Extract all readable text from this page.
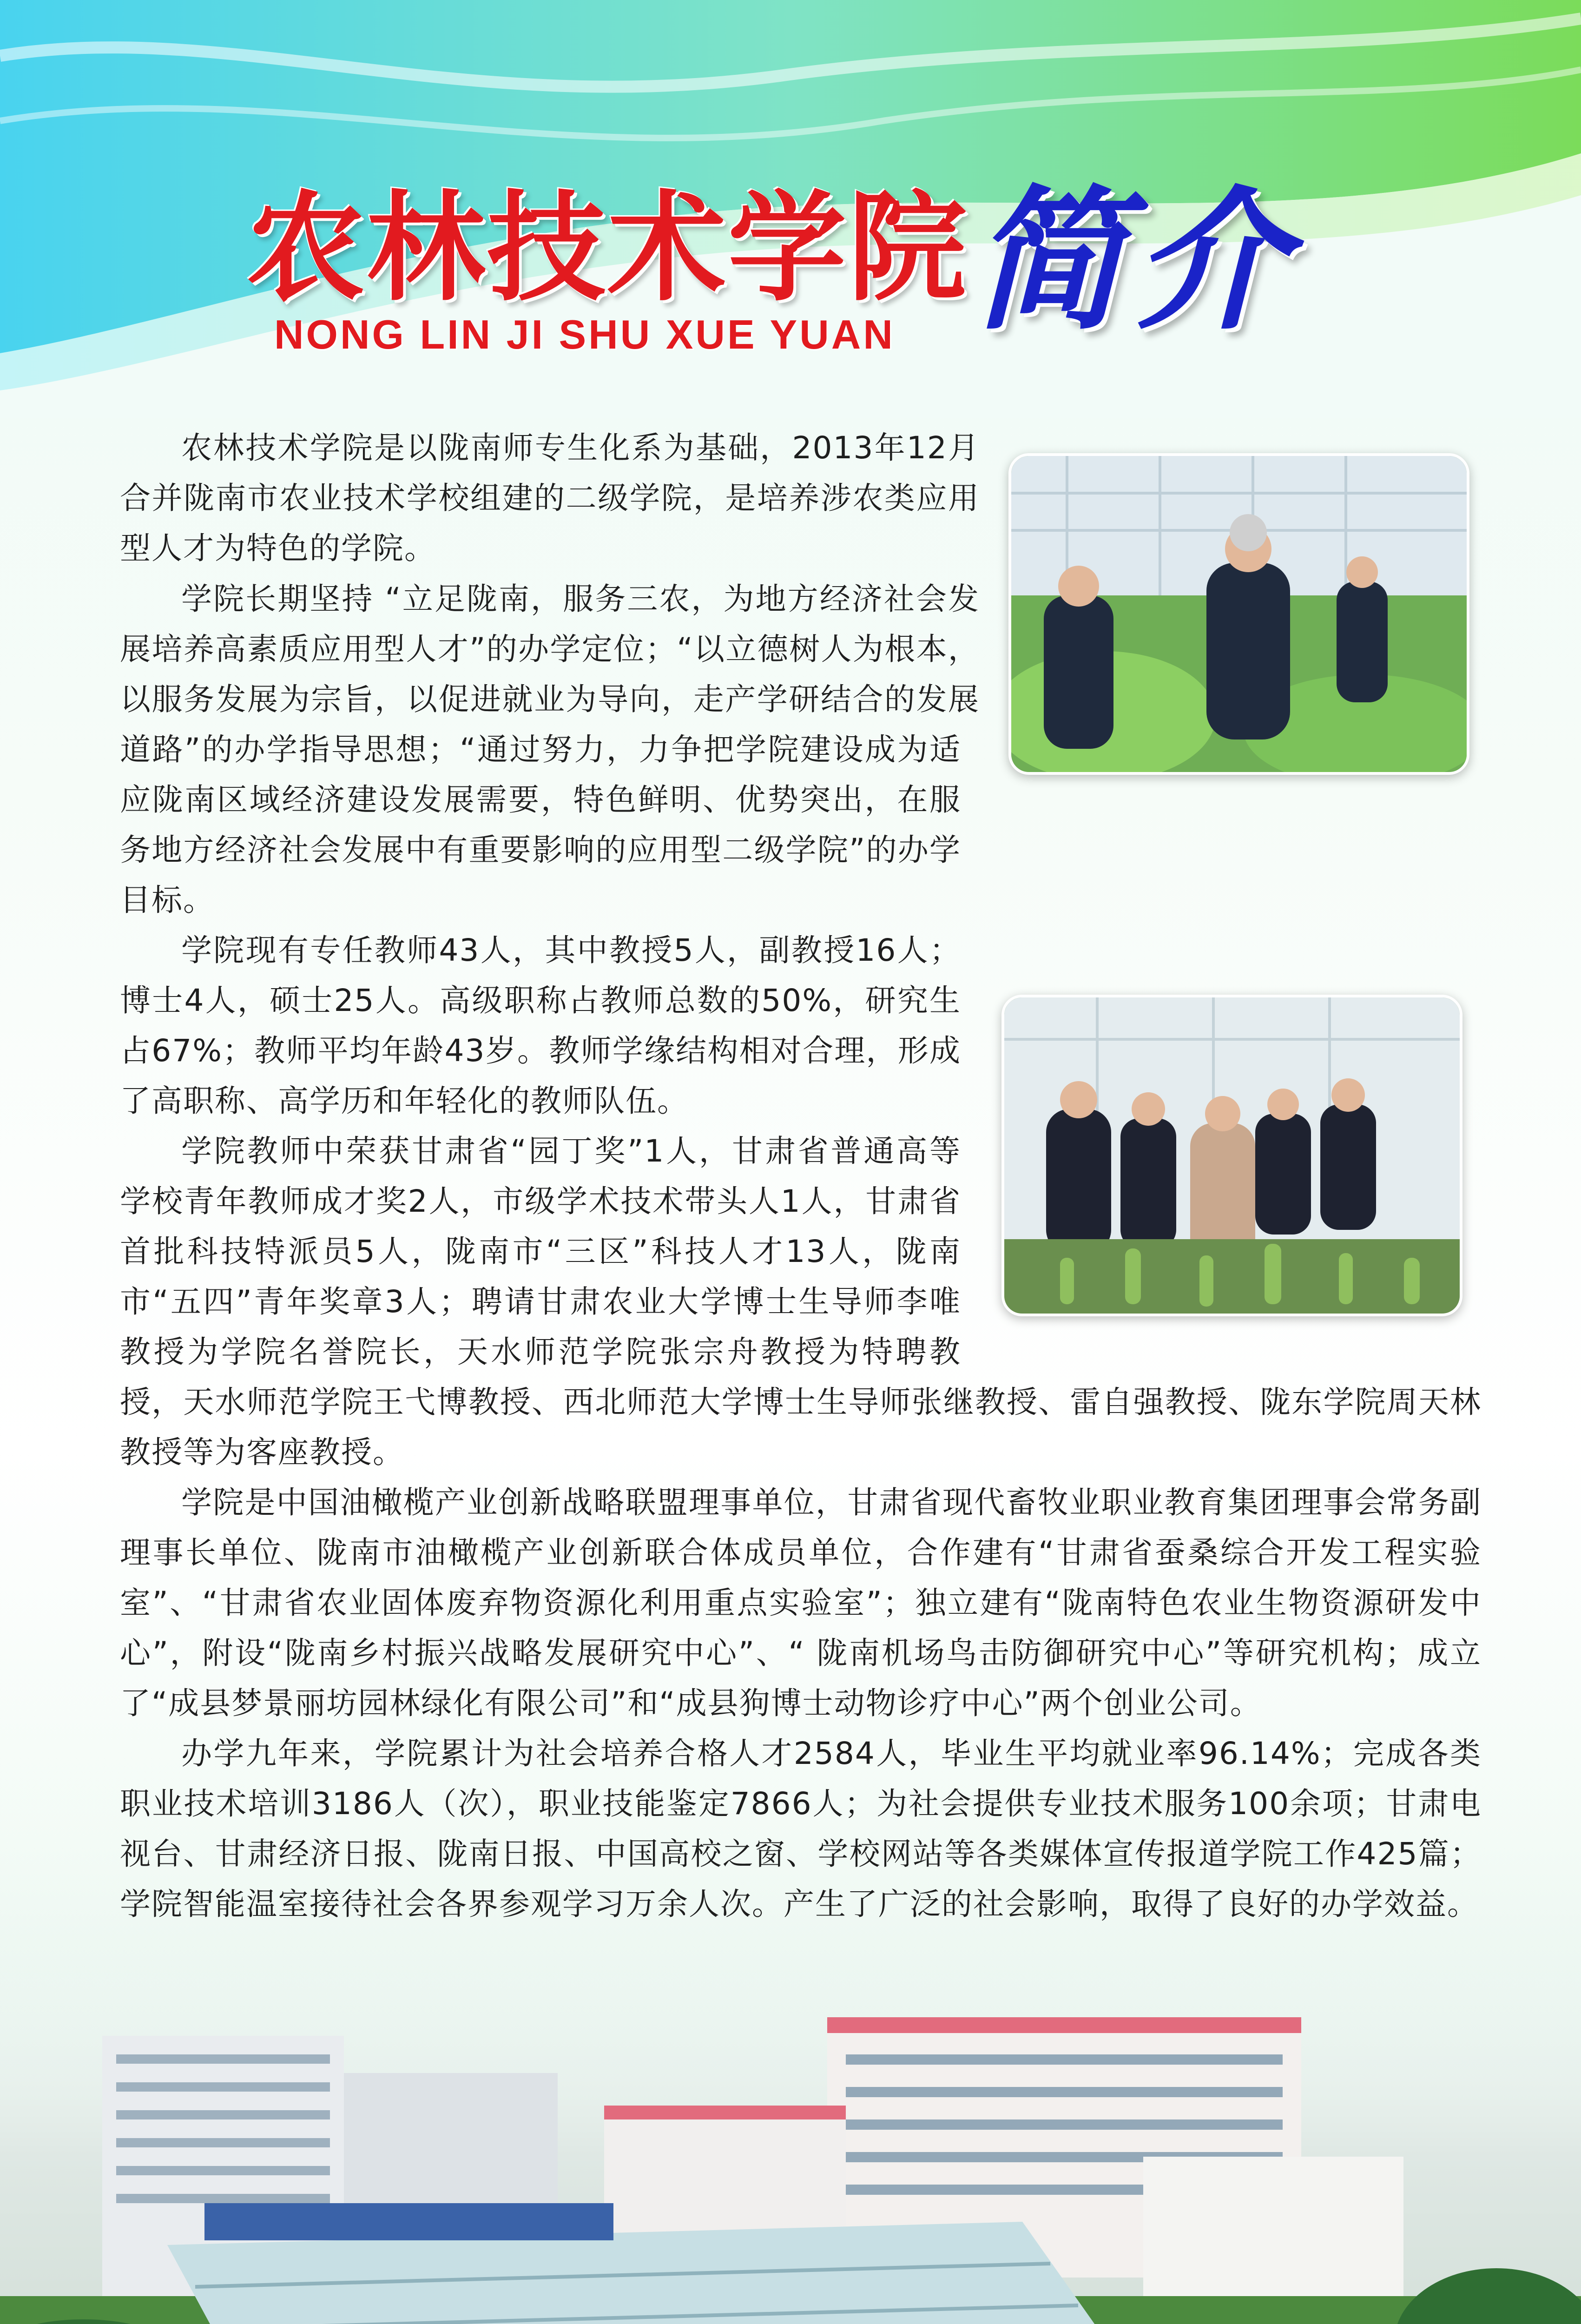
农林技术学院
NONG LIN JI SHU XUE YUAN 简介

农林技术学院是以陇南师专生化系为基础，2013年12月合并陇南市农业技术学校组建的二级学院，是培养涉农类应用型人才为特色的学院。

学院长期坚持 “立足陇南，服务三农，为地方经济社会发展培养高素质应用型人才”的办学定位；“以立德树人为根本，以服务发展为宗旨，以促进就业为导向，走产学研结合的发展道路”的办学指导思想；“通过努力，力争把学院建设成为适应陇南区域经济建设发展需要，特色鲜明、优势突出，在服务地方经济社会发展中有重要影响的应用型二级学院”的办学目标。

学院现有专任教师43人，其中教授5人，副教授16人；博士4人，硕士25人。高级职称占教师总数的50%，研究生占67%；教师平均年龄43岁。教师学缘结构相对合理，形成了高职称、高学历和年轻化的教师队伍。

学院教师中荣获甘肃省“园丁奖”1人，甘肃省普通高等学校青年教师成才奖2人，市级学术技术带头人1人，甘肃省首批科技特派员5人，陇南市“三区”科技人才13人，陇南市“五四”青年奖章3人；聘请甘肃农业大学博士生导师李唯教授为学院名誉院长，天水师范学院张宗舟教授为特聘教授，天水师范学院王弋博教授、西北师范大学博士生导师张继教授、雷自强教授、陇东学院周天林教授等为客座教授。

学院是中国油橄榄产业创新战略联盟理事单位，甘肃省现代畜牧业职业教育集团理事会常务副理事长单位、陇南市油橄榄产业创新联合体成员单位，合作建有“甘肃省蚕桑综合开发工程实验室”、“甘肃省农业固体废弃物资源化利用重点实验室”；独立建有“陇南特色农业生物资源研发中心”，附设“陇南乡村振兴战略发展研究中心”、“ 陇南机场鸟击防御研究中心”等研究机构；成立了“成县梦景丽坊园林绿化有限公司”和“成县狗博士动物诊疗中心”两个创业公司。

办学九年来，学院累计为社会培养合格人才2584人，毕业生平均就业率96.14%；完成各类职业技术培训3186人（次），职业技能鉴定7866人；为社会提供专业技术服务100余项；甘肃电视台、甘肃经济日报、陇南日报、中国高校之窗、学校网站等各类媒体宣传报道学院工作425篇；学院智能温室接待社会各界参观学习万余人次。产生了广泛的社会影响，取得了良好的办学效益。
